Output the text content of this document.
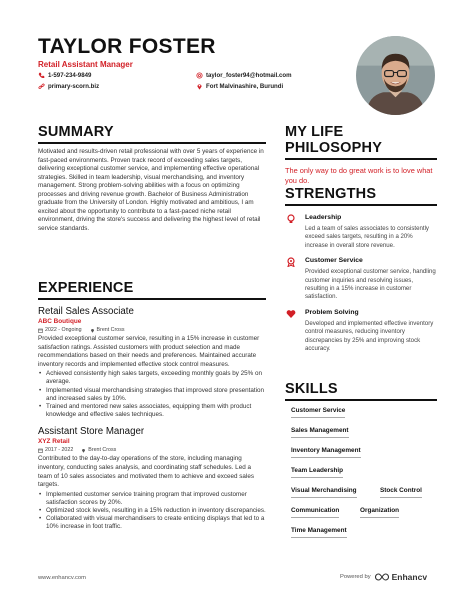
TAYLOR FOSTER
Retail Assistant Manager
1-597-234-9849
primary-scorn.biz
taylor_foster94@hotmail.com
Fort Malvinashire, Burundi
SUMMARY
Motivated and results-driven retail professional with over 5 years of experience in fast-paced environments. Proven track record of exceeding sales targets, delivering exceptional customer service, and implementing effective operational strategies. Skilled in team leadership, visual merchandising, and inventory management. Strong problem-solving abilities with a focus on optimizing processes and driving revenue growth. Bachelor of Business Administration graduate from the University of London. Highly motivated and ambitious, I am excited about the opportunity to contribute to a fast-paced niche retail environment, driving the store's success and delivering the highest level of retail service standards.
EXPERIENCE
Retail Sales Associate
ABC Boutique
2022 - Ongoing	Brent Cross
Provided exceptional customer service, resulting in a 15% increase in customer satisfaction ratings. Assisted customers with product selection and made recommendations based on their needs and preferences. Maintained accurate inventory records and implemented effective stock control measures.
• Achieved consistently high sales targets, exceeding monthly goals by 25% on average.
• Implemented visual merchandising strategies that improved store presentation and increased sales by 10%.
• Trained and mentored new sales associates, equipping them with product knowledge and effective sales techniques.
Assistant Store Manager
XYZ Retail
2017 - 2022	Brent Cross
Contributed to the day-to-day operations of the store, including managing inventory, conducting sales analysis, and coordinating staff schedules. Led a team of 10 sales associates and motivated them to achieve and exceed sales targets.
• Implemented customer service training program that improved customer satisfaction scores by 20%.
• Optimized stock levels, resulting in a 15% reduction in inventory discrepancies.
• Collaborated with visual merchandisers to create enticing displays that led to a 10% increase in foot traffic.
MY LIFE PHILOSOPHY
The only way to do great work is to love what you do.
STRENGTHS
Leadership
Led a team of sales associates to consistently exceed sales targets, resulting in a 20% increase in overall store revenue.
Customer Service
Provided exceptional customer service, handling customer inquiries and resolving issues, resulting in a 15% increase in customer satisfaction.
Problem Solving
Developed and implemented effective inventory control measures, reducing inventory discrepancies by 25% and improving stock accuracy.
SKILLS
Customer Service
Sales Management
Inventory Management
Team Leadership
Visual Merchandising	Stock Control
Communication	Organization
Time Management
www.enhancv.com	Powered by Enhancv
